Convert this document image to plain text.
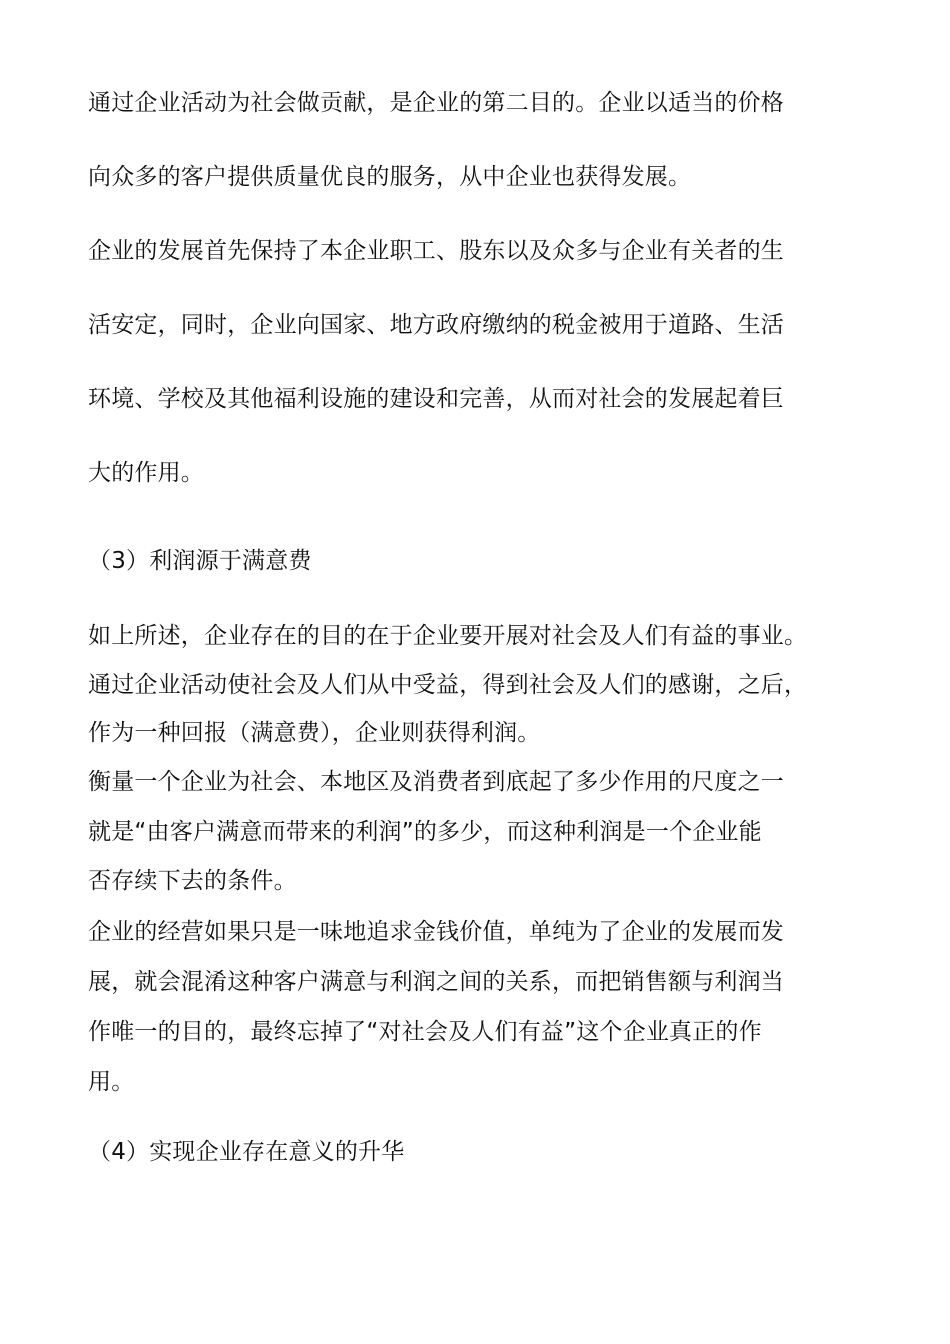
通过企业活动为社会做贡献，是企业的第二目的。企业以适当的价格

向众多的客户提供质量优良的服务，从中企业也获得发展。

企业的发展首先保持了本企业职工、股东以及众多与企业有关者的生

活安定，同时，企业向国家、地方政府缴纳的税金被用于道路、生活

环境、学校及其他福利设施的建设和完善，从而对社会的发展起着巨

大的作用。

（3）利润源于满意费

如上所述，企业存在的目的在于企业要开展对社会及人们有益的事业。

通过企业活动使社会及人们从中受益，得到社会及人们的感谢，之后，

作为一种回报（满意费），企业则获得利润。

衡量一个企业为社会、本地区及消费者到底起了多少作用的尺度之一

就是“由客户满意而带来的利润”的多少，而这种利润是一个企业能

否存续下去的条件。

企业的经营如果只是一味地追求金钱价值，单纯为了企业的发展而发

展，就会混淆这种客户满意与利润之间的关系，而把销售额与利润当

作唯一的目的，最终忘掉了“对社会及人们有益”这个企业真正的作

用。

（4）实现企业存在意义的升华
